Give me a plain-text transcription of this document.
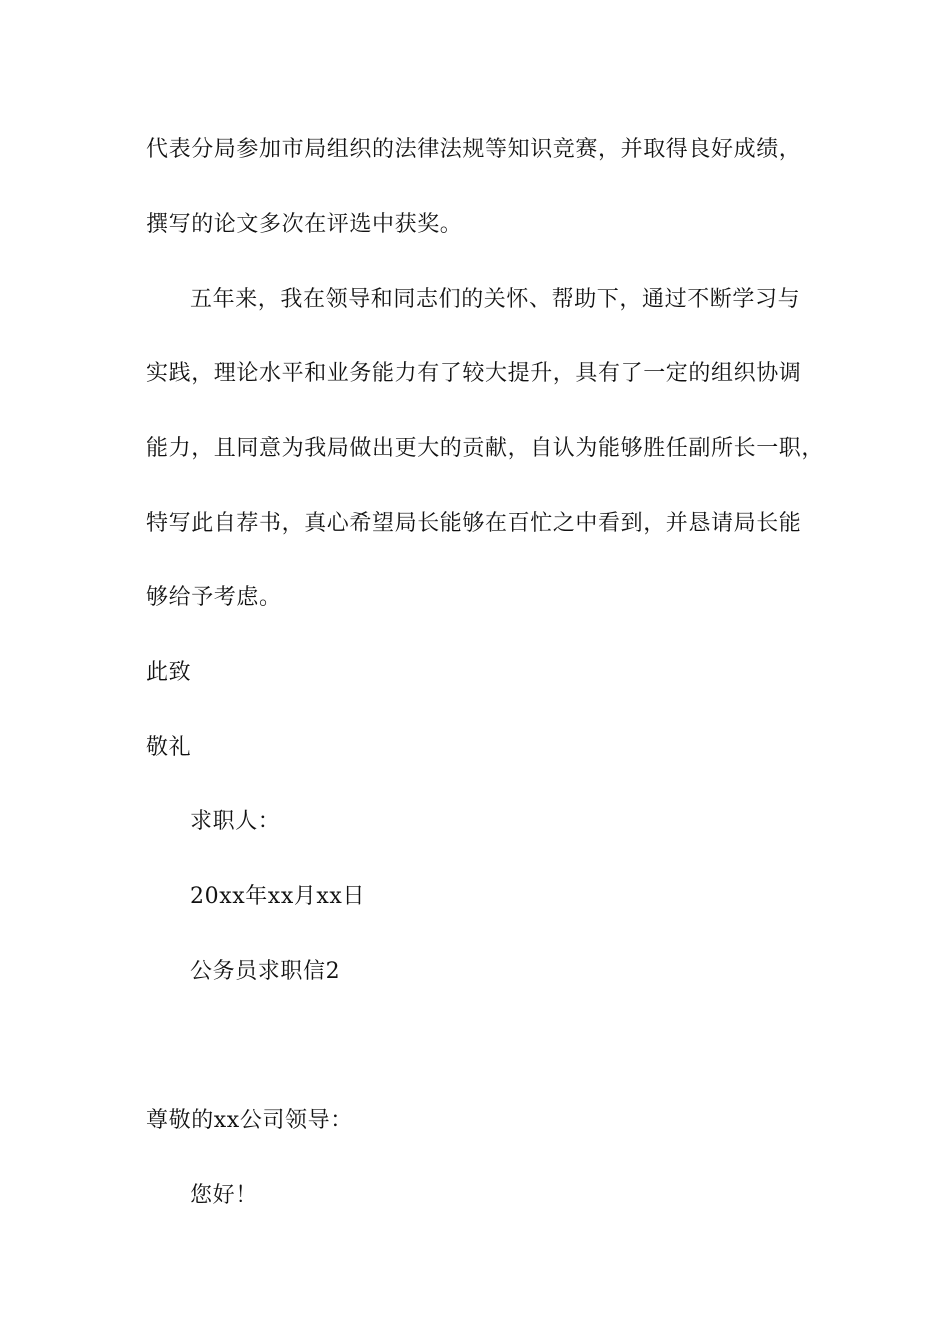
代表分局参加市局组织的法律法规等知识竞赛，并取得良好成绩，
撰写的论文多次在评选中获奖。
五年来，我在领导和同志们的关怀、帮助下，通过不断学习与
实践，理论水平和业务能力有了较大提升，具有了一定的组织协调
能力，且同意为我局做出更大的贡献，自认为能够胜任副所长一职，
特写此自荐书，真心希望局长能够在百忙之中看到，并恳请局长能
够给予考虑。
此致
敬礼
求职人：
20xx年xx月xx日
公务员求职信2
尊敬的xx公司领导：
您好！
